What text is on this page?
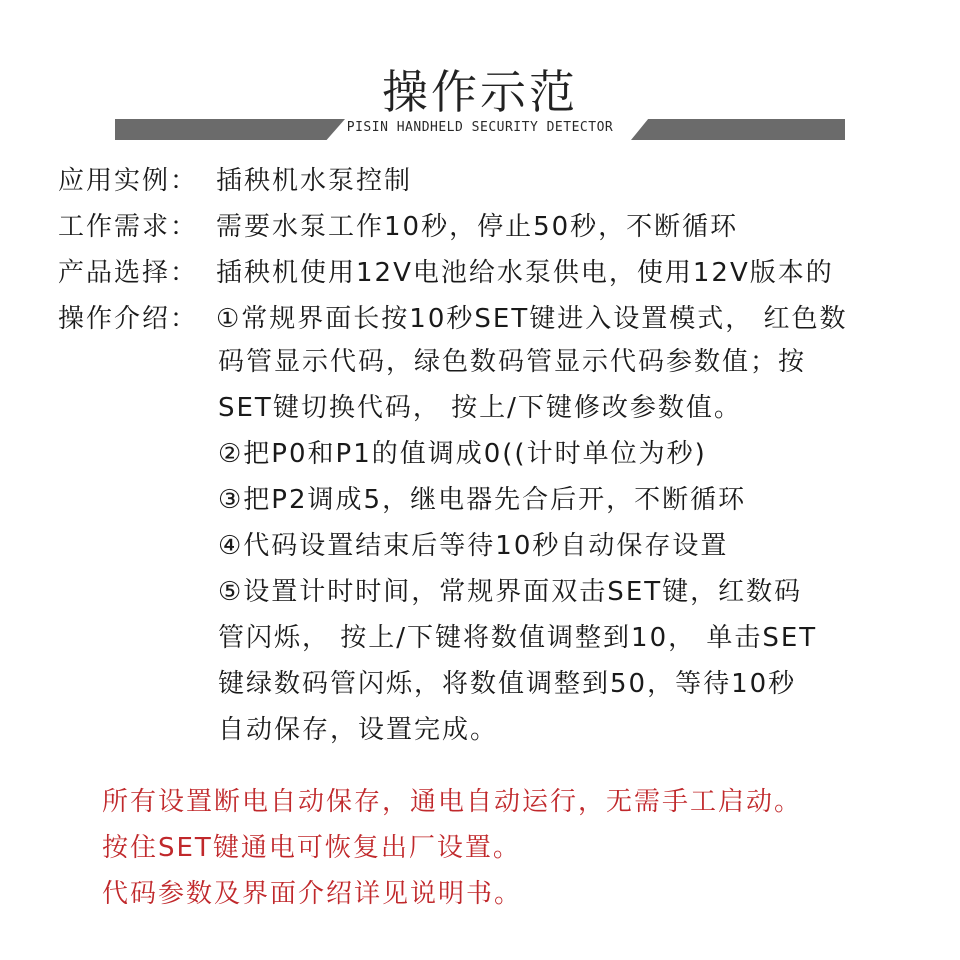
操作示范
PISIN HANDHELD SECURITY DETECTOR
应用实例： 插秧机水泵控制
工作需求： 需要水泵工作10秒，停止50秒，不断循环
产品选择： 插秧机使用12V电池给水泵供电，使用12V版本的
操作介绍： ①常规界面长按10秒SET键进入设置模式， 红色数
码管显示代码，绿色数码管显示代码参数值；按
SET键切换代码， 按上/下键修改参数值。
②把P0和P1的值调成0((计时单位为秒)
③把P2调成5，继电器先合后开，不断循环
④代码设置结束后等待10秒自动保存设置
⑤设置计时时间，常规界面双击SET键，红数码
管闪烁， 按上/下键将数值调整到10， 单击SET
键绿数码管闪烁，将数值调整到50，等待10秒
自动保存，设置完成。
所有设置断电自动保存，通电自动运行，无需手工启动。
按住SET键通电可恢复出厂设置。
代码参数及界面介绍详见说明书。
